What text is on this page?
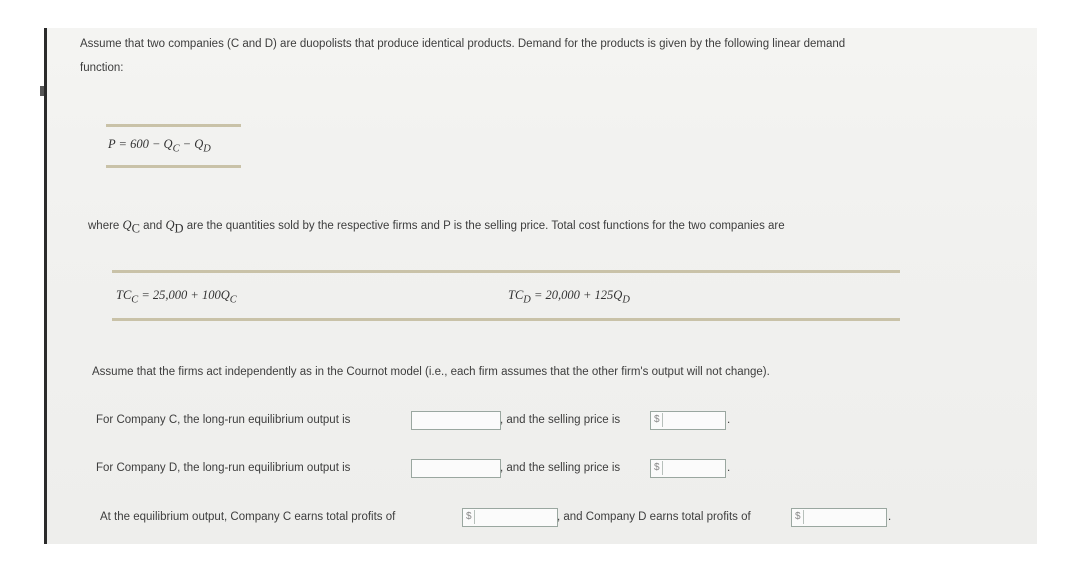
Assume that two companies (C and D) are duopolists that produce identical products. Demand for the products is given by the following linear demand
function:
$P = 600 - Q_C - Q_D$
where $Q_C$ and $Q_D$ are the quantities sold by the respective firms and P is the selling price. Total cost functions for the two companies are
$TC_C = 25,000 + 100Q_C$	$TC_D = 20,000 + 125Q_D$
Assume that the firms act independently as in the Cournot model (i.e., each firm assumes that the other firm's output will not change).
For Company C, the long-run equilibrium output is	, and the selling price is	$	.
For Company D, the long-run equilibrium output is	, and the selling price is	$	.
At the equilibrium output, Company C earns total profits of	$	, and Company D earns total profits of	$	.
